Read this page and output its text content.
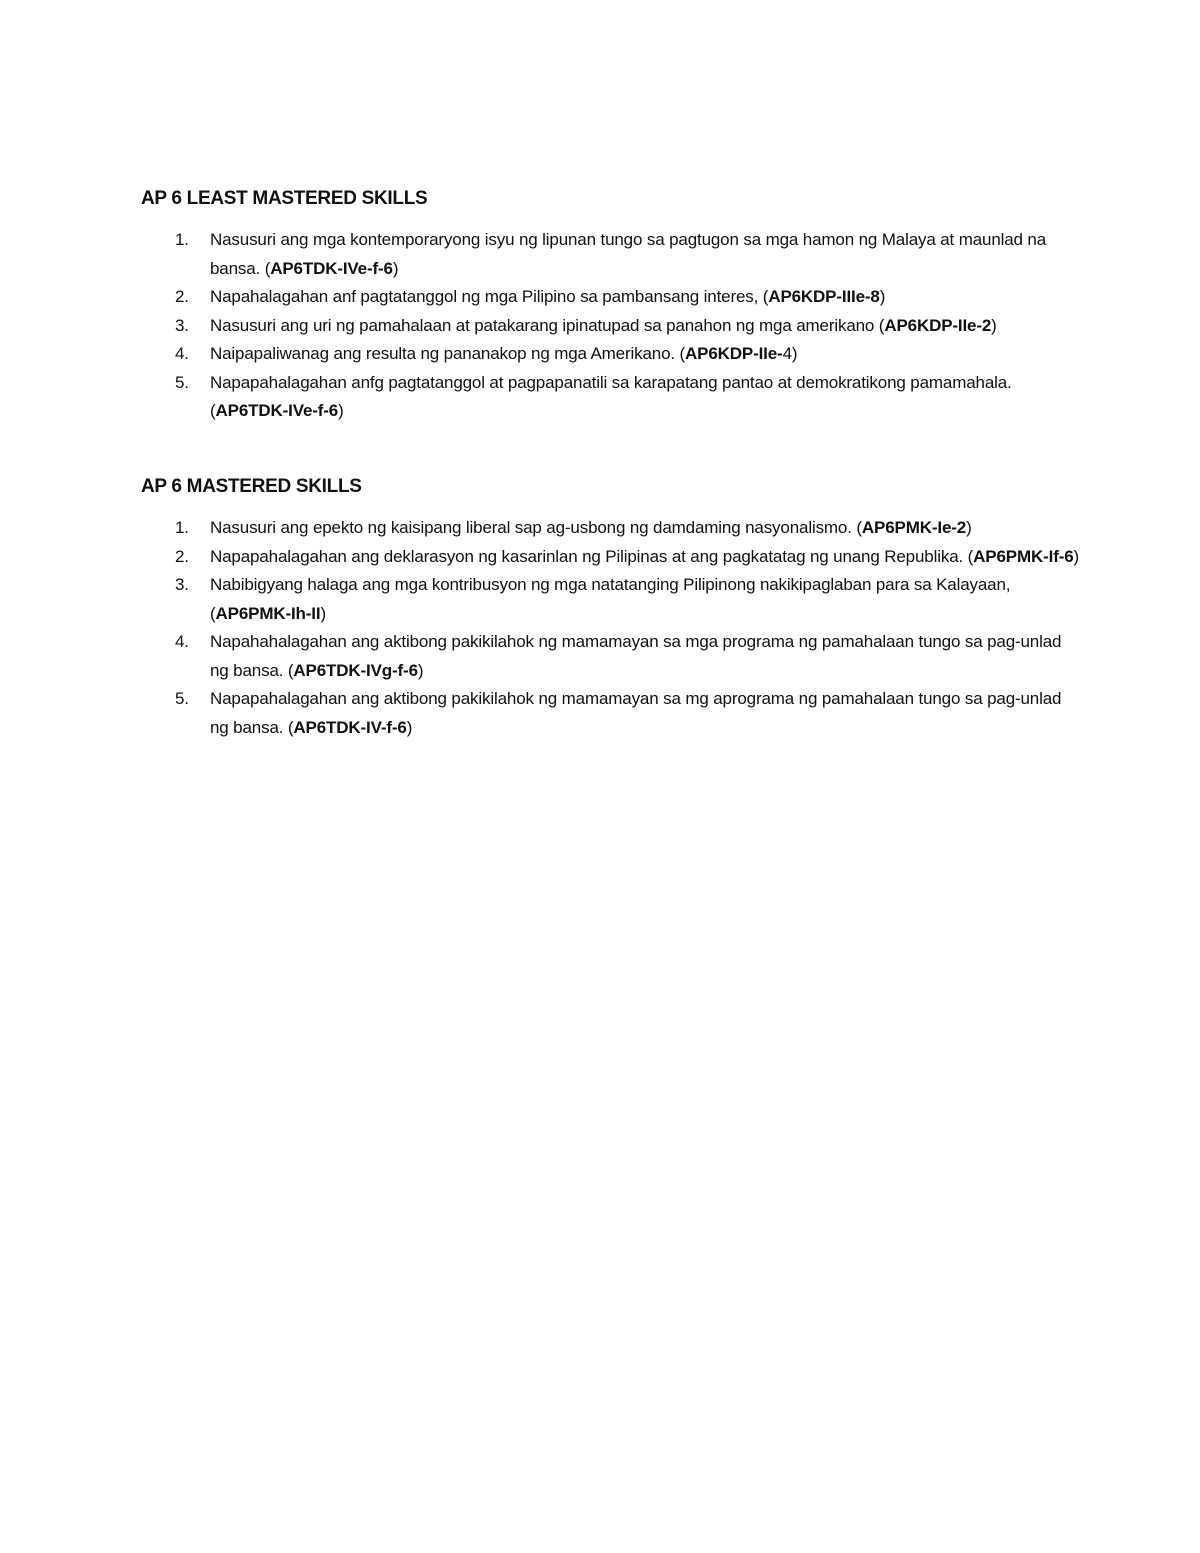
AP 6 LEAST MASTERED SKILLS
1. Nasusuri ang mga kontemporaryong isyu ng lipunan tungo sa pagtugon sa mga hamon ng Malaya at maunlad na bansa. (AP6TDK-IVe-f-6)
2. Napahalagahan anf pagtatanggol ng mga Pilipino sa pambansang interes, (AP6KDP-IIIe-8)
3. Nasusuri ang uri ng pamahalaan at patakarang ipinatupad sa panahon ng mga amerikano (AP6KDP-IIe-2)
4. Naipapaliwanag ang resulta ng pananakop ng mga Amerikano. (AP6KDP-IIe-4)
5. Napapahalagahan anfg pagtatanggol at pagpapanatili sa karapatang pantao at demokratikong pamamahala. (AP6TDK-IVe-f-6)
AP 6 MASTERED SKILLS
1. Nasusuri ang epekto ng kaisipang liberal sap ag-usbong ng damdaming nasyonalismo. (AP6PMK-Ie-2)
2. Napapahalagahan ang deklarasyon ng kasarinlan ng Pilipinas at ang pagkatatag ng unang Republika. (AP6PMK-If-6)
3. Nabibigyang halaga ang mga kontribusyon ng mga natatanging Pilipinong nakikipaglaban para sa Kalayaan, (AP6PMK-Ih-II)
4. Napahahalagahan ang aktibong pakikilahok ng mamamayan sa mga programa ng pamahalaan tungo sa pag-unlad ng bansa. (AP6TDK-IVg-f-6)
5. Napapahalagahan ang aktibong pakikilahok ng mamamayan sa mg aprograma ng pamahalaan tungo sa pag-unlad ng bansa. (AP6TDK-IV-f-6)
